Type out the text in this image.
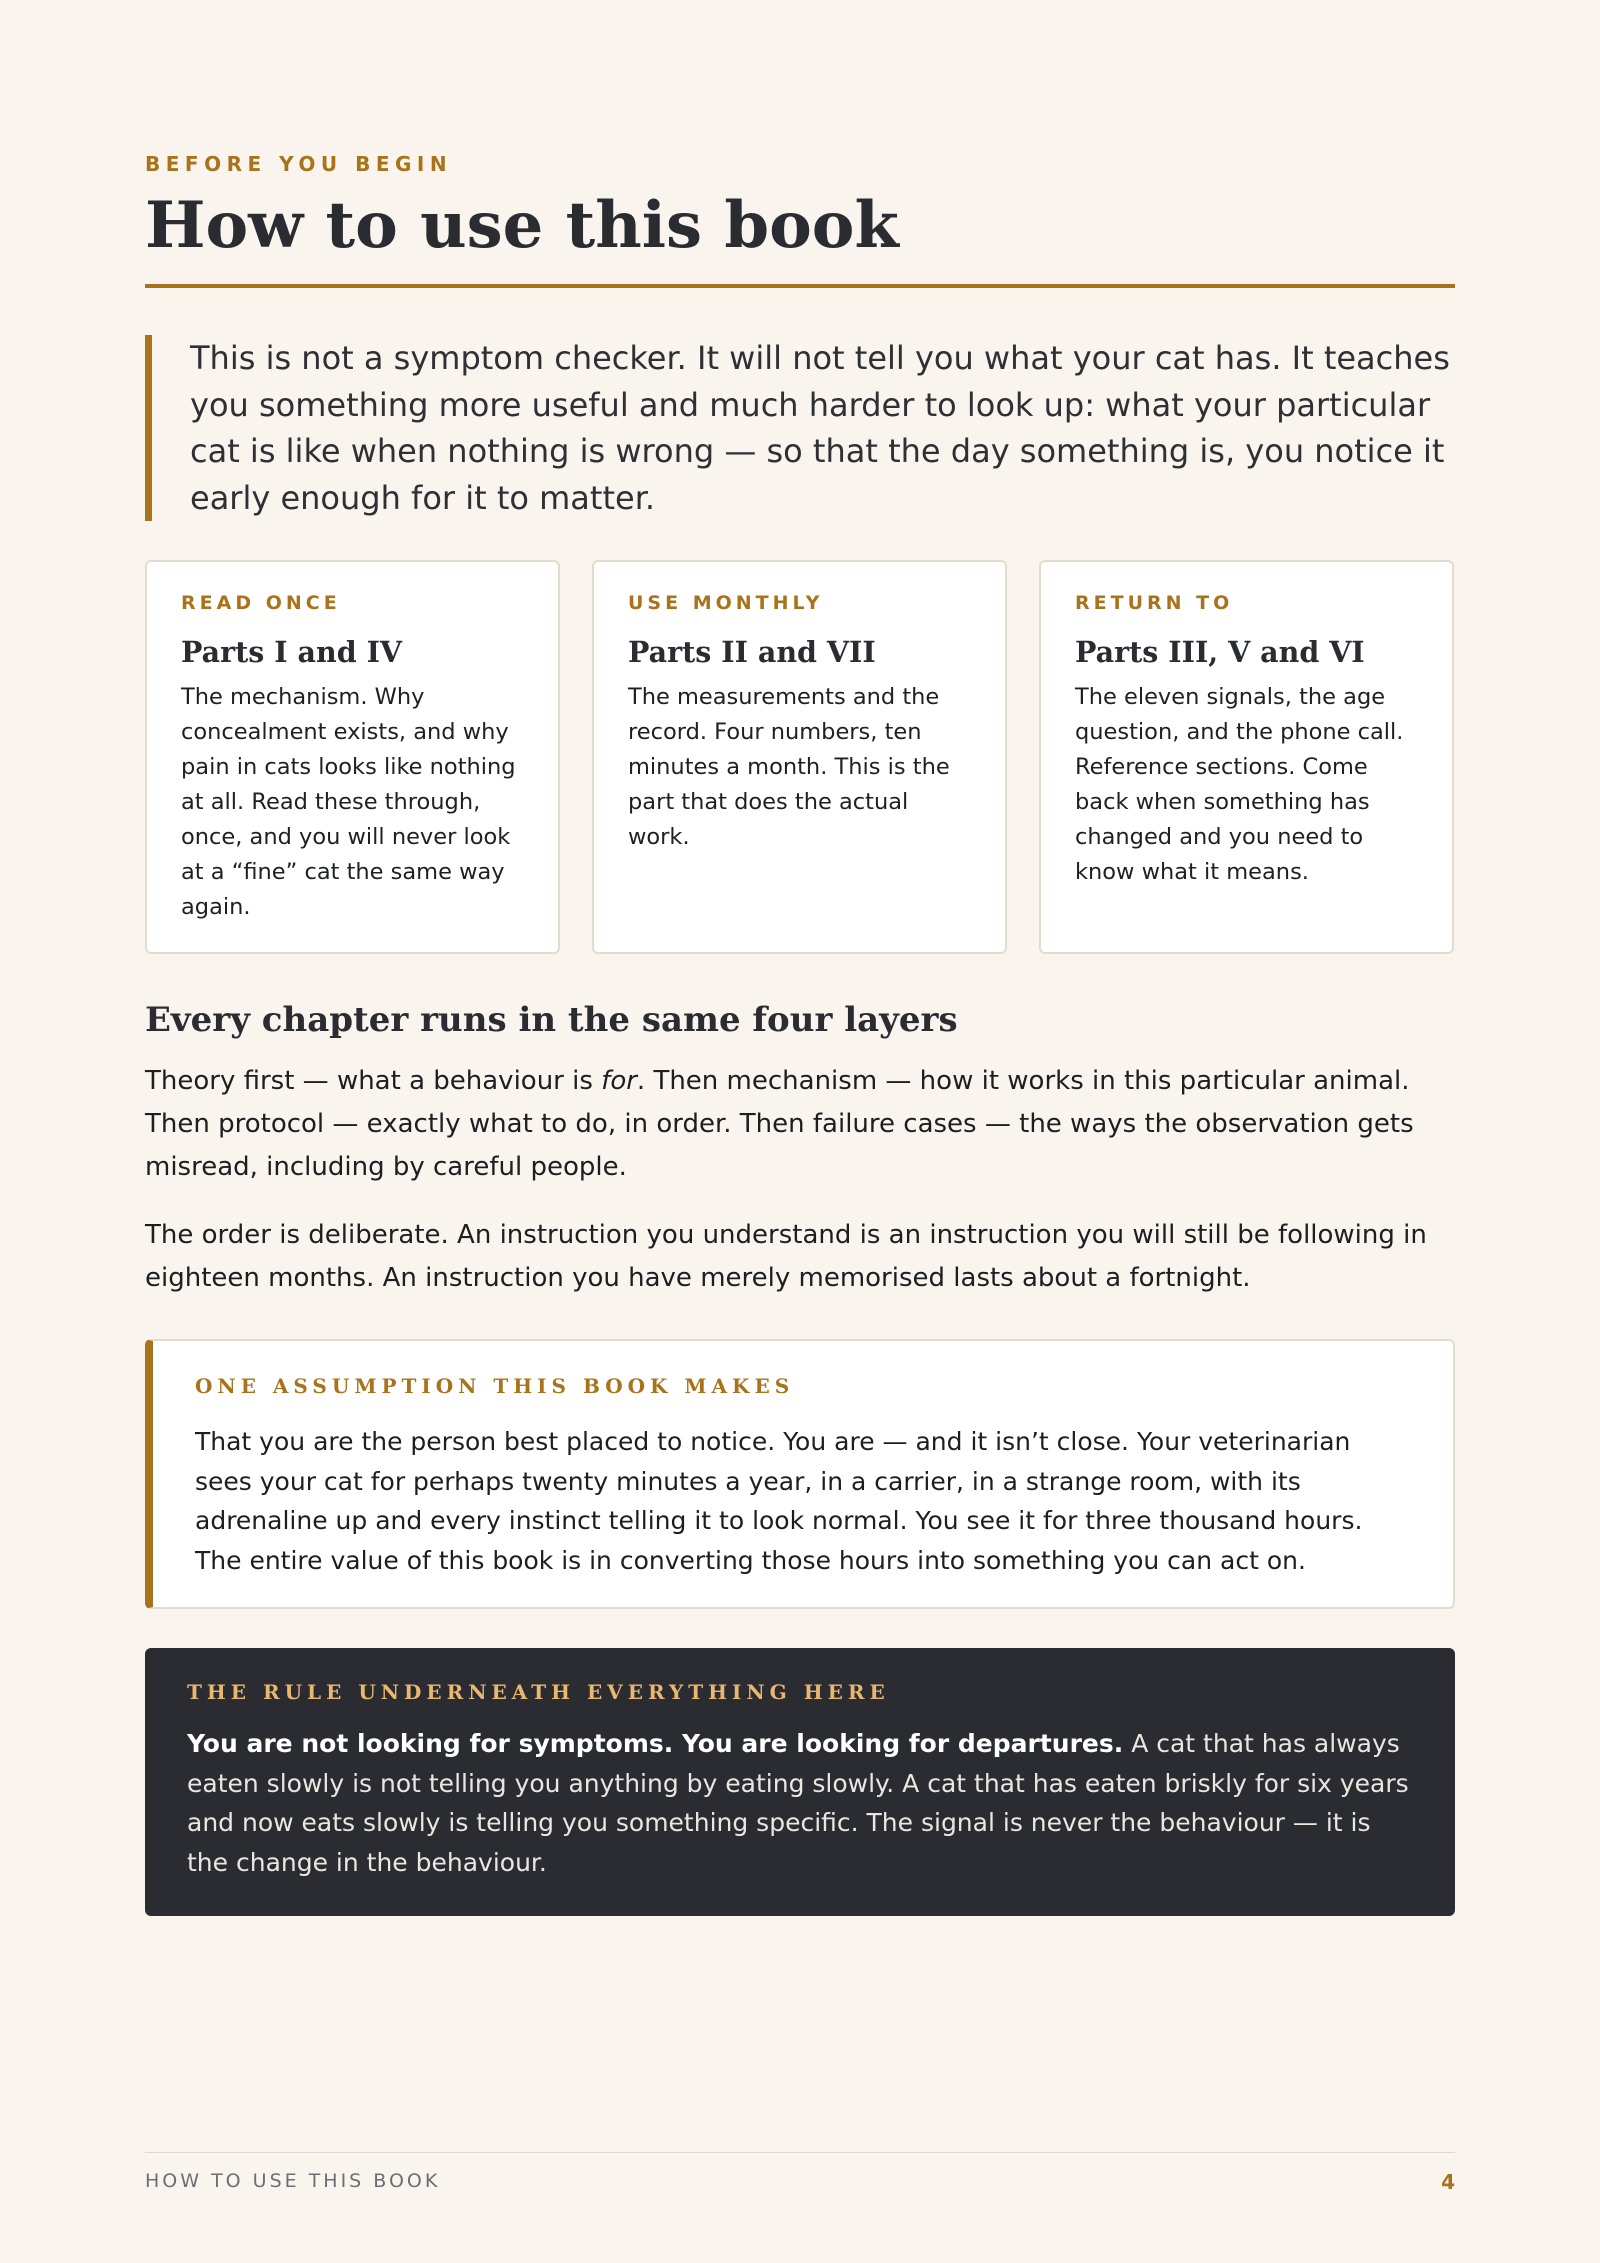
BEFORE YOU BEGIN
How to use this book
This is not a symptom checker. It will not tell you what your cat has. It teaches you something more useful and much harder to look up: what your particular cat is like when nothing is wrong — so that the day something is, you notice it early enough for it to matter.
READ ONCE
Parts I and IV
The mechanism. Why concealment exists, and why pain in cats looks like nothing at all. Read these through, once, and you will never look at a “fine” cat the same way again.
USE MONTHLY
Parts II and VII
The measurements and the record. Four numbers, ten minutes a month. This is the part that does the actual work.
RETURN TO
Parts III, V and VI
The eleven signals, the age question, and the phone call. Reference sections. Come back when something has changed and you need to know what it means.
Every chapter runs in the same four layers

Theory first — what a behaviour is for. Then mechanism — how it works in this particular animal. Then protocol — exactly what to do, in order. Then failure cases — the ways the observation gets misread, including by careful people.

The order is deliberate. An instruction you understand is an instruction you will still be following in eighteen months. An instruction you have merely memorised lasts about a fortnight.

ONE ASSUMPTION THIS BOOK MAKES
That you are the person best placed to notice. You are — and it isn’t close. Your veterinarian sees your cat for perhaps twenty minutes a year, in a carrier, in a strange room, with its adrenaline up and every instinct telling it to look normal. You see it for three thousand hours. The entire value of this book is in converting those hours into something you can act on.
THE RULE UNDERNEATH EVERYTHING HERE
You are not looking for symptoms. You are looking for departures. A cat that has always eaten slowly is not telling you anything by eating slowly. A cat that has eaten briskly for six years and now eats slowly is telling you something specific. The signal is never the behaviour — it is the change in the behaviour.
HOW TO USE THIS BOOK	4
